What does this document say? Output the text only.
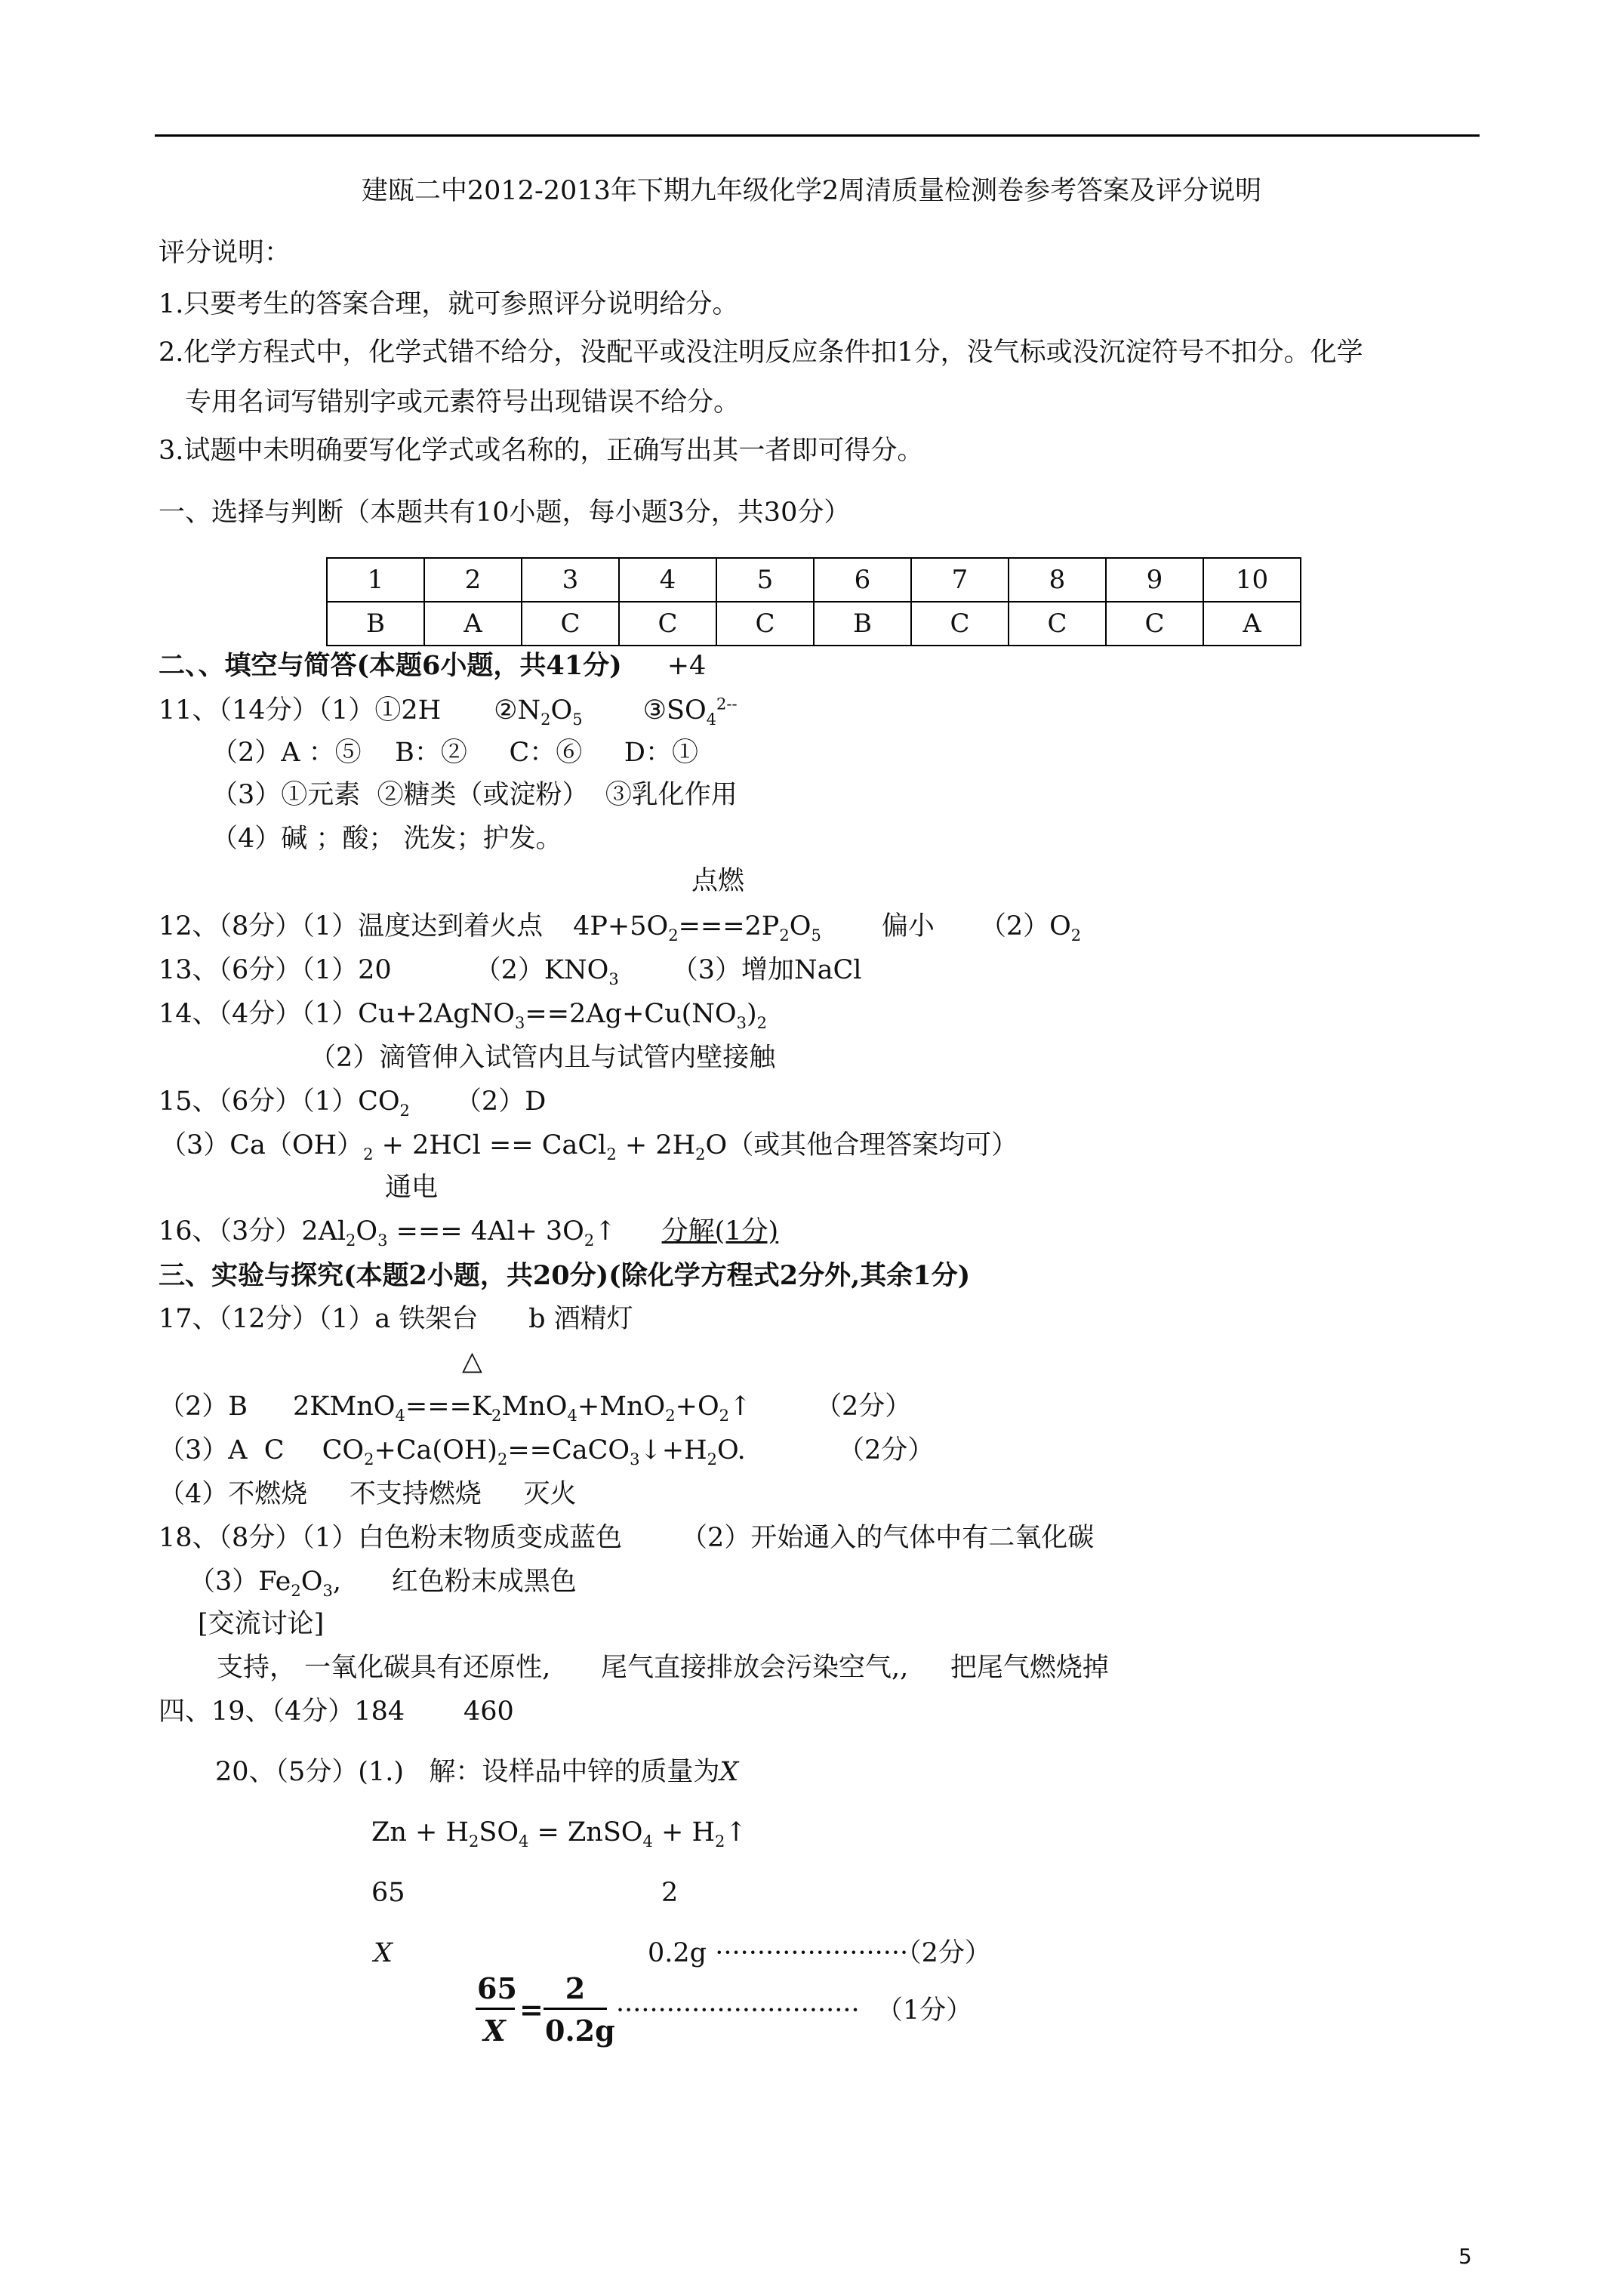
建瓯二中2012-2013年下期九年级化学2周清质量检测卷参考答案及评分说明
评分说明：
1.只要考生的答案合理，就可参照评分说明给分。
2.化学方程式中，化学式错不给分，没配平或没注明反应条件扣1分，没气标或没沉淀符号不扣分。化学
专用名词写错别字或元素符号出现错误不给分。
3.试题中未明确要写化学式或名称的，正确写出其一者即可得分。
一、选择与判断（本题共有10小题，每小题3分，共30分）
1	2	3	4	5	6	7	8	9	10
B	A	C	C	C	B	C	C	C	A
二、、填空与简答(本题6小题，共41分) +4
11、（14分）（1）①2H $②N_2O_5$ $③SO_4^{2--}$
（2）A ：⑤    B：②     C：⑥     D：①
（3）①元素  ②糖类（或淀粉）  ③乳化作用
（4）碱 ；酸； 洗发；护发。
点燃
12、（8分）（1）温度达到着火点 $4P+5O_2===2P_2O_5$ 偏小 $(2)O_2$
13、（6分）（1）20	$(2)KNO_3$ （3）增加NaCl
14、（4分）$(1)Cu+2AgNO_3==2Ag+Cu(NO_3)_2$
（2）滴管伸入试管内且与试管内壁接触
15、（6分）$(1)CO_2$ （2）D
$(3)Ca(OH)_2 + 2HCl$ == CaCl$_2$ + $2H_2O$（或其他合理答案均可）
通电
16、（3分）$2Al_2O_3$ === $4Al+ 3O_2↑$ 分解(1分)
三、实验与探究(本题2小题，共20分)(除化学方程式2分外,其余1分)
17、（12分）（1）a 铁架台      b 酒精灯
△
（2）B $2KMnO_4===K_2MnO_4+MnO_2+O_2↑$ （2分）
（3）A  C $CO_2+Ca(OH)_2==CaCO_3↓+H_2O$.	（2分）
（4）不燃烧     不支持燃烧     灭火
18、（8分）（1）白色粉末物质变成蓝色       （2）开始通入的气体中有二氧化碳
$(3)Fe_2O_3$,      红色粉末成黑色
[交流讨论]
支持， 一氧化碳具有还原性,      尾气直接排放会污染空气,,     把尾气燃烧掉
四、19、（4分）184       460
20、（5分）(1.)   解：设样品中锌的质量为X
$Zn + H_2SO_4$ = ZnSO$_4$ + $H_2↑$
65	2
X	0.2g ·······················（2分）
65
X
=
2
0.2g
·····························  （1分）
5
